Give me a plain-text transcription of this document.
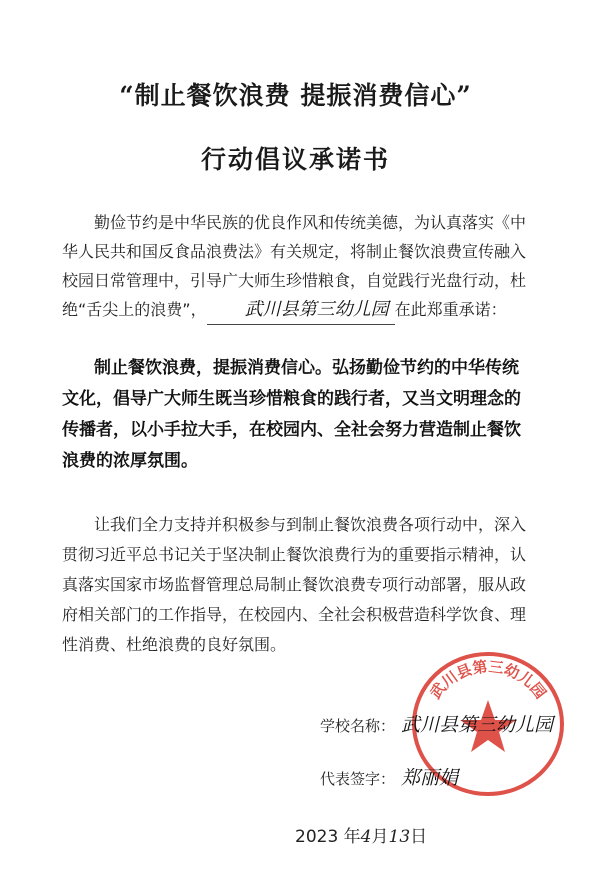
“制止餐饮浪费 提振消费信心”
行动倡议承诺书
勤俭节约是中华民族的优良作风和传统美德，为认真落实《中华人民共和国反食品浪费法》有关规定，将制止餐饮浪费宣传融入校园日常管理中，引导广大师生珍惜粮食，自觉践行光盘行动，杜绝“舌尖上的浪费”， 武川县第三幼儿园 在此郑重承诺：
制止餐饮浪费，提振消费信心。弘扬勤俭节约的中华传统文化，倡导广大师生既当珍惜粮食的践行者，又当文明理念的传播者，以小手拉大手，在校园内、全社会努力营造制止餐饮浪费的浓厚氛围。
让我们全力支持并积极参与到制止餐饮浪费各项行动中，深入贯彻习近平总书记关于坚决制止餐饮浪费行为的重要指示精神，认真落实国家市场监督管理总局制止餐饮浪费专项行动部署，服从政府相关部门的工作指导，在校园内、全社会积极营造科学饮食、理性消费、杜绝浪费的良好氛围。
武川县第三幼儿园
学校名称： 武川县第三幼儿园
代表签字： 郑丽娟
2023 年4月13日
